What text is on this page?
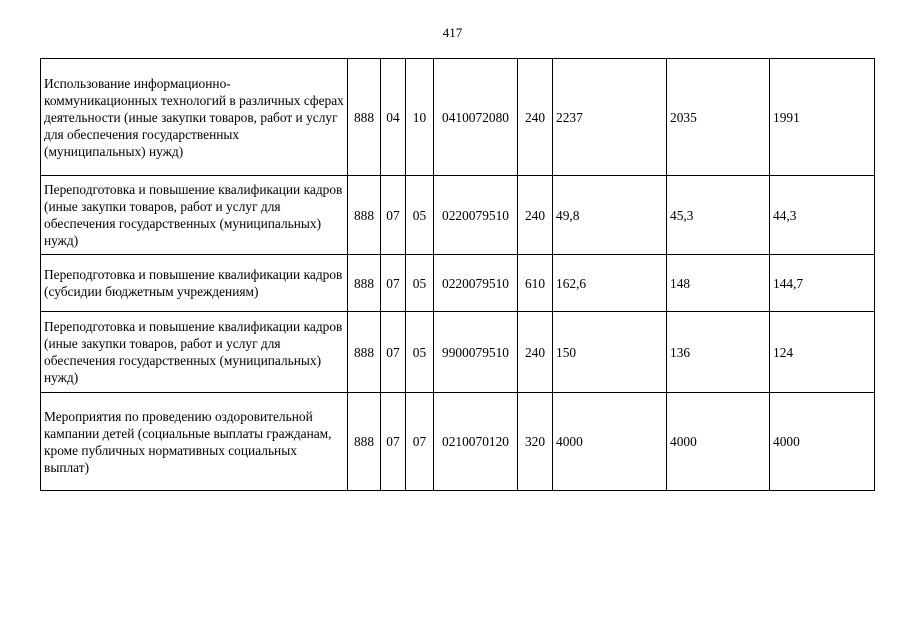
417
Использование информационно-коммуникационных технологий в различных сферах деятельности (иные закупки товаров, работ и услуг для обеспечения государственных (муниципальных) нужд)	888	04	10	0410072080	240	2237	2035	1991
Переподготовка и повышение квалификации кадров (иные закупки товаров, работ и услуг для обеспечения государственных (муниципальных) нужд)	888	07	05	0220079510	240	49,8	45,3	44,3
Переподготовка и повышение квалификации кадров (субсидии бюджетным учреждениям)	888	07	05	0220079510	610	162,6	148	144,7
Переподготовка и повышение квалификации кадров (иные закупки товаров, работ и услуг для обеспечения государственных (муниципальных) нужд)	888	07	05	9900079510	240	150	136	124
Мероприятия по проведению оздоровительной кампании детей (социальные выплаты гражданам, кроме публичных нормативных социальных выплат)	888	07	07	0210070120	320	4000	4000	4000
